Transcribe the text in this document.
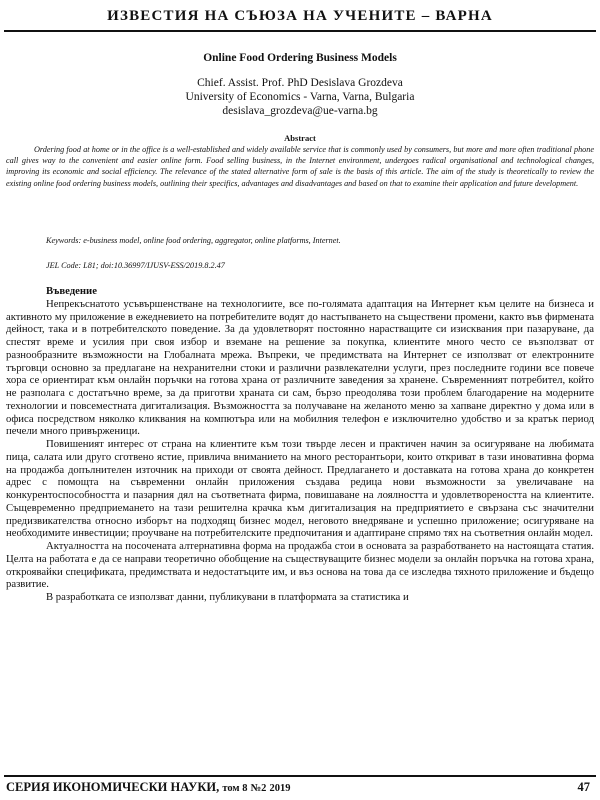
ИЗВЕСТИЯ НА СЪЮЗА НА УЧЕНИТЕ – ВАРНА
Online Food Ordering Business Models
Chief. Assist. Prof. PhD Desislava Grozdeva
University of Economics - Varna, Varna, Bulgaria
desislava_grozdeva@ue-varna.bg
Abstract
Ordering food at home or in the office is a well-established and widely available service that is commonly used by consumers, but more and more often traditional phone call gives way to the convenient and easier online form. Food selling business, in the Internet environment, undergoes radical organisational and technological changes, improving its economic and social efficiency. The relevance of the stated alternative form of sale is the basis of this article. The aim of the study is theoretically to review the existing online food ordering business models, outlining their specifics, advantages and disadvantages and based on that to examine their application and future development.
Keywords: e-business model, online food ordering, aggregator, online platforms, Internet.
JEL Code: L81; doi:10.36997/IJUSV-ESS/2019.8.2.47
Въведение

Непрекъснатото усъвършенстване на технологиите, все по-голямата адаптация на Интернет към целите на бизнеса и активното му приложение в ежедневието на потребителите водят до настъпването на съществени промени, както във фирмената дейност, така и в потребителското поведение. За да удовлетворят постоянно нарастващите си изисквания при пазаруване, да спестят време и усилия при своя избор и вземане на решение за покупка, клиентите много често се възползват от разнообразните възможности на Глобалната мрежа. Въпреки, че предимствата на Интернет се използват от електронните търговци основно за предлагане на нехранителни стоки и различни развлекателни услуги, през последните години все повече хора се ориентират към онлайн поръчки на готова храна от различните заведения за хранене. Съвременният потребител, който не разполага с достатъчно време, за да приготви храната си сам, бързо преодолява този проблем благодарение на модерните технологии и повсеместната дигитализация. Възможността за получаване на желаното меню за хапване директно у дома или в офиса посредством няколко кликвания на компютъра или на мобилния телефон е изключително удобство и за кратък период печели много привърженици.

Повишеният интерес от страна на клиентите към този твърде лесен и практичен начин за осигуряване на любимата пица, салата или друго сготвено ястие, привлича вниманието на много ресторантьори, които откриват в тази иновативна форма на продажба допълнителен източник на приходи от своята дейност. Предлагането и доставката на готова храна до конкретен адрес с помощта на съвременни онлайн приложения създава редица нови възможности за увеличаване на конкурентоспособността и пазарния дял на съответната фирма, повишаване на лоялността и удовлетвореността на клиентите. Същевременно предприемането на тази решителна крачка към дигитализация на предприятието е свързана със значителни предизвикателства относно изборът на подходящ бизнес модел, неговото внедряване и успешно приложение; осигуряване на необходимите инвестиции; проучване на потребителските предпочитания и адаптиране спрямо тях на съответния онлайн модел.

Актуалността на посочената алтернативна форма на продажба стои в основата за разработването на настоящата статия. Целта на работата е да се направи теоретично обобщение на съществуващите бизнес модели за онлайн поръчка на готова храна, откроявайки спецификата, предимствата и недостатъците им, и въз основа на това да се изследва тяхното приложение и бъдещо развитие.

В разработката се използват данни, публикувани в платформата за статистика и

СЕРИЯ ИКОНОМИЧЕСКИ НАУКИ, том 8 №2 2019	47
